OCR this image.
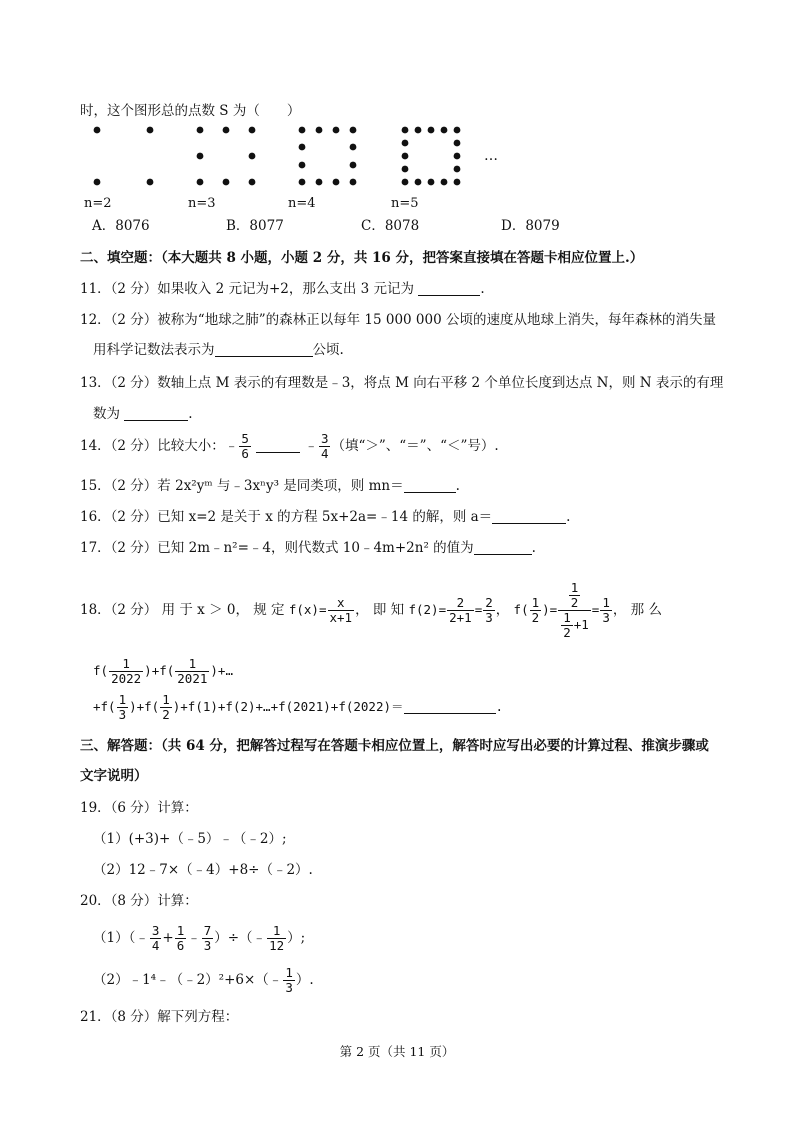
时，这个图形总的点数 S 为（　　）
…
n=2	n=3	n=4	n=5
A．8076	B．8077	C．8078	D．8079
二、填空题：（本大题共 8 小题，小题 2 分，共 16 分，把答案直接填在答题卡相应位置上.）
11．（2 分）如果收入 2 元记为+2，那么支出 3 元记为	.
12．（2 分）被称为“地球之肺”的森林正以每年 15 000 000 公顷的速度从地球上消失，每年森林的消失量
用科学记数法表示为	公顷.
13．（2 分）数轴上点 M 表示的有理数是﹣3，将点 M 向右平移 2 个单位长度到达点 N，则 N 表示的有理
数为	.
14．（2 分）比较大小：﹣ $\frac{5}{6}$	﹣ $\frac{3}{4}$ （填“＞”、“＝”、“＜”号）.
15．（2 分）若 2x²yᵐ 与﹣3xⁿy³ 是同类项，则 mn＝	.
16．（2 分）已知 x=2 是关于 x 的方程 5x+2a=﹣14 的解，则 a＝	.
17．（2 分）已知 2m﹣n²=﹣4，则代数式 10﹣4m+2n² 的值为	.
18．（2 分） 用 于 x ＞ 0， 规 定 $f(x)= \frac{x}{x+1}$ ， 即 知 $f(2)= \frac{2}{2+1} = \frac{2}{3}$ ， $f( \frac{1}{2}$ )= $\frac{\frac{1}{2}}{\frac{1}{2} +1} = \frac{1}{3}$ ， 那 么
$f( \frac{1}{2022} )+f( \frac{1}{2021}$ )+…
$+f( \frac{1}{3} )+f( \frac{1}{2}$ )+f(1)+f(2)+…+f(2021)+f(2022)＝	.
三、解答题：（共 64 分，把解答过程写在答题卡相应位置上，解答时应写出必要的计算过程、推演步骤或
文字说明）
19．（6 分）计算：
（1）(+3)+（﹣5）﹣（﹣2）;
（2）12﹣7×（﹣4）+8÷（﹣2）.
20．（8 分）计算：
（1）（﹣ $\frac{3}{4} + \frac{1}{6}$ ﹣ $\frac{7}{3}$ ）÷（﹣ $\frac{1}{12}$ ）;
（2）﹣1⁴﹣（﹣2）²+6×（﹣ $\frac{1}{3}$ ）.
21．（8 分）解下列方程：
第 2 页（共 11 页）
